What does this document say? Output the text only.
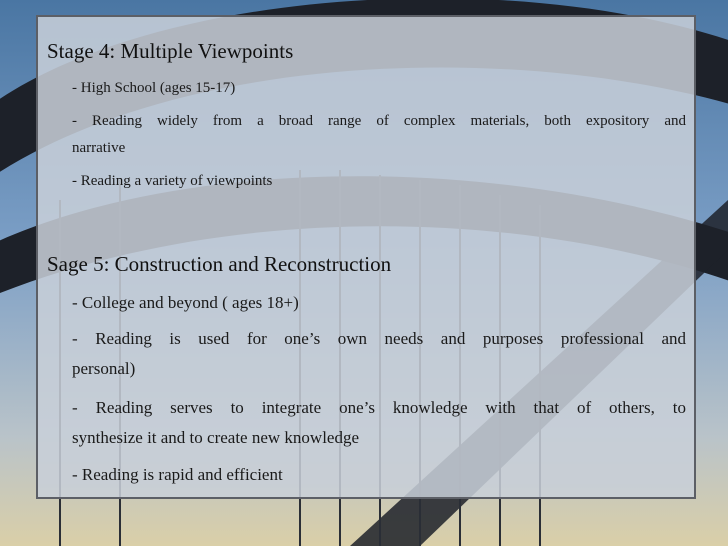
Stage 4: Multiple Viewpoints
- High School (ages 15-17)
- Reading widely from a broad range of complex materials, both expository and
narrative
- Reading a variety of viewpoints
Sage 5: Construction and Reconstruction
- College and beyond ( ages 18+)
- Reading is used for one’s own needs and purposes professional and
personal)
- Reading serves to integrate one’s knowledge with that of others, to
synthesize it and to create new knowledge
- Reading is rapid and efficient
